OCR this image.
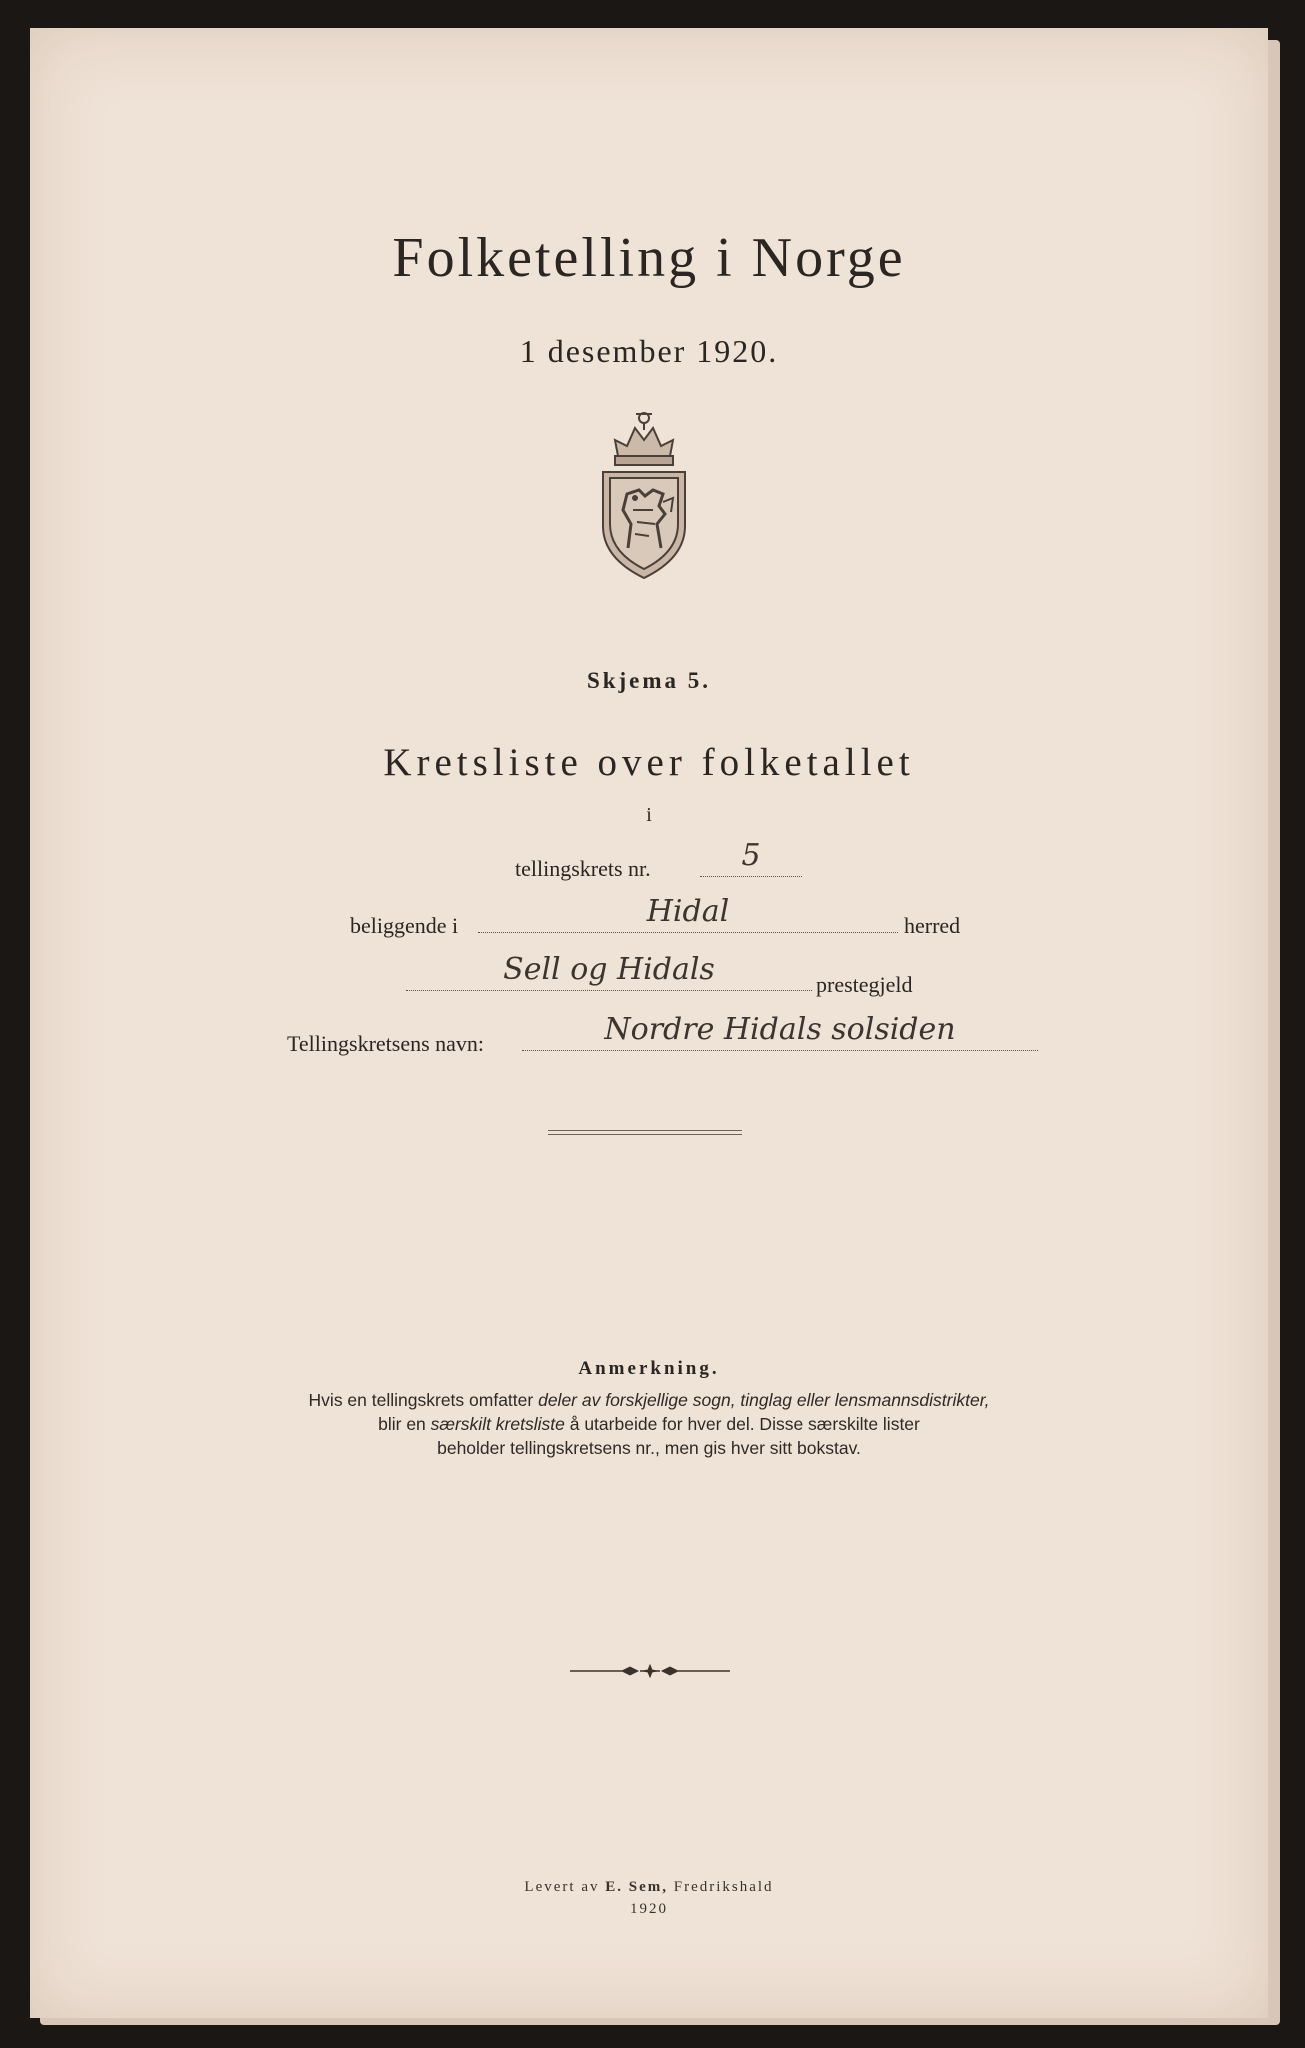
Folketelling i Norge
1 desember 1920.
Skjema 5.
Kretsliste over folketallet
i
tellingskrets nr.	5
beliggende i	Hidal	herred
Sell og Hidals	prestegjeld
Tellingskretsens navn:	Nordre Hidals solsiden
Anmerkning.
Hvis en tellingskrets omfatter deler av forskjellige sogn, tinglag eller lensmannsdistrikter,
blir en særskilt kretsliste å utarbeide for hver del. Disse særskilte lister
beholder tellingskretsens nr., men gis hver sitt bokstav.
Levert av E. Sem, Fredrikshald
1920
